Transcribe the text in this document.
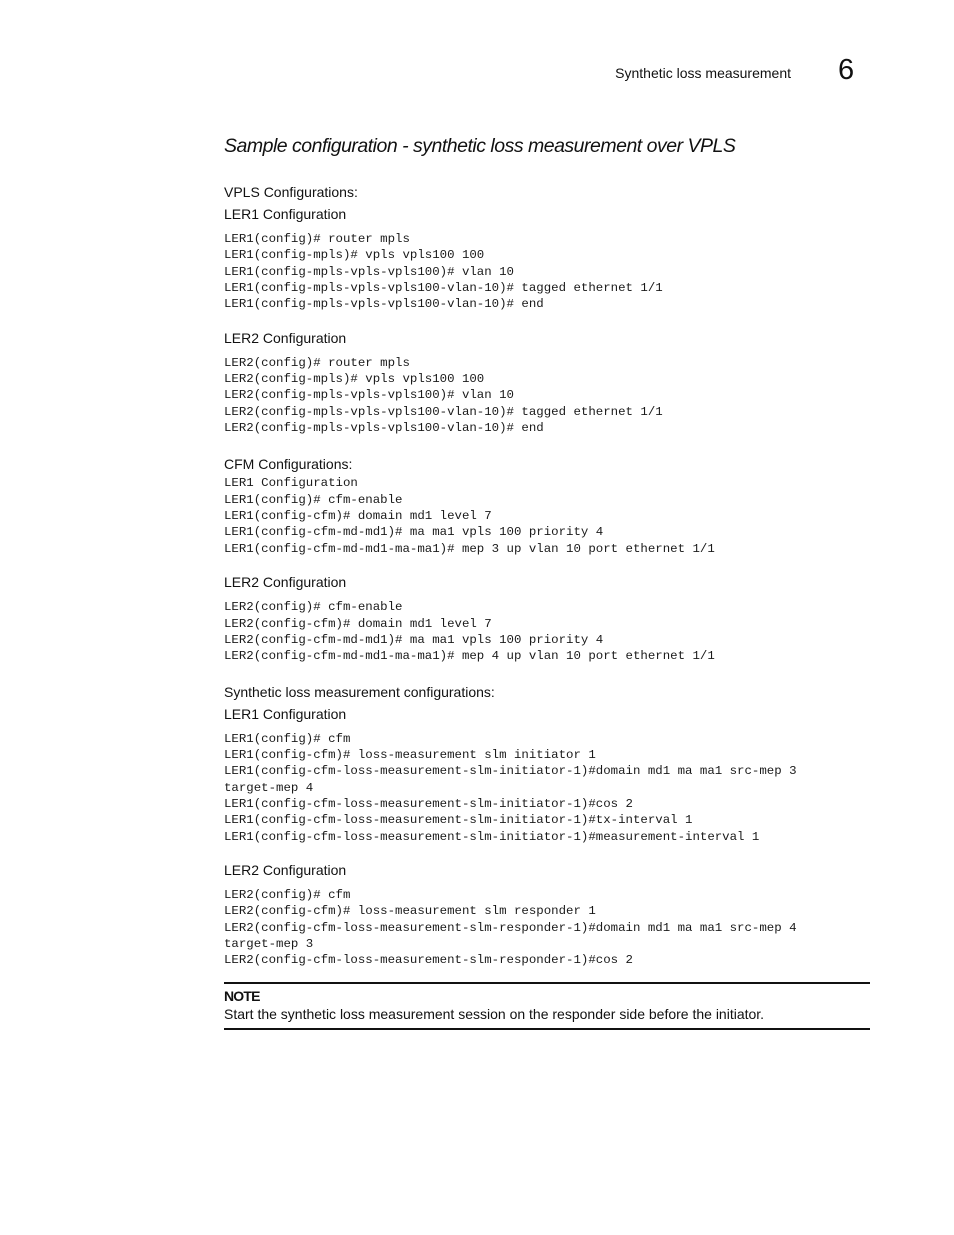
Synthetic loss measurement 6
Sample configuration - synthetic loss measurement over VPLS
VPLS Configurations:
LER1 Configuration
LER1(config)# router mpls
LER1(config-mpls)# vpls vpls100 100
LER1(config-mpls-vpls-vpls100)# vlan 10
LER1(config-mpls-vpls-vpls100-vlan-10)# tagged ethernet 1/1
LER1(config-mpls-vpls-vpls100-vlan-10)# end
LER2 Configuration
LER2(config)# router mpls
LER2(config-mpls)# vpls vpls100 100
LER2(config-mpls-vpls-vpls100)# vlan 10
LER2(config-mpls-vpls-vpls100-vlan-10)# tagged ethernet 1/1
LER2(config-mpls-vpls-vpls100-vlan-10)# end
CFM Configurations:
LER1 Configuration
LER1(config)# cfm-enable
LER1(config-cfm)# domain md1 level 7
LER1(config-cfm-md-md1)# ma ma1 vpls 100 priority 4
LER1(config-cfm-md-md1-ma-ma1)# mep 3 up vlan 10 port ethernet 1/1
LER2 Configuration
LER2(config)# cfm-enable
LER2(config-cfm)# domain md1 level 7
LER2(config-cfm-md-md1)# ma ma1 vpls 100 priority 4
LER2(config-cfm-md-md1-ma-ma1)# mep 4 up vlan 10 port ethernet 1/1
Synthetic loss measurement configurations:
LER1 Configuration
LER1(config)# cfm
LER1(config-cfm)# loss-measurement slm initiator 1
LER1(config-cfm-loss-measurement-slm-initiator-1)#domain md1 ma ma1 src-mep 3
target-mep 4
LER1(config-cfm-loss-measurement-slm-initiator-1)#cos 2
LER1(config-cfm-loss-measurement-slm-initiator-1)#tx-interval 1
LER1(config-cfm-loss-measurement-slm-initiator-1)#measurement-interval 1
LER2 Configuration
LER2(config)# cfm
LER2(config-cfm)# loss-measurement slm responder 1
LER2(config-cfm-loss-measurement-slm-responder-1)#domain md1 ma ma1 src-mep 4
target-mep 3
LER2(config-cfm-loss-measurement-slm-responder-1)#cos 2
NOTE
Start the synthetic loss measurement session on the responder side before the initiator.
